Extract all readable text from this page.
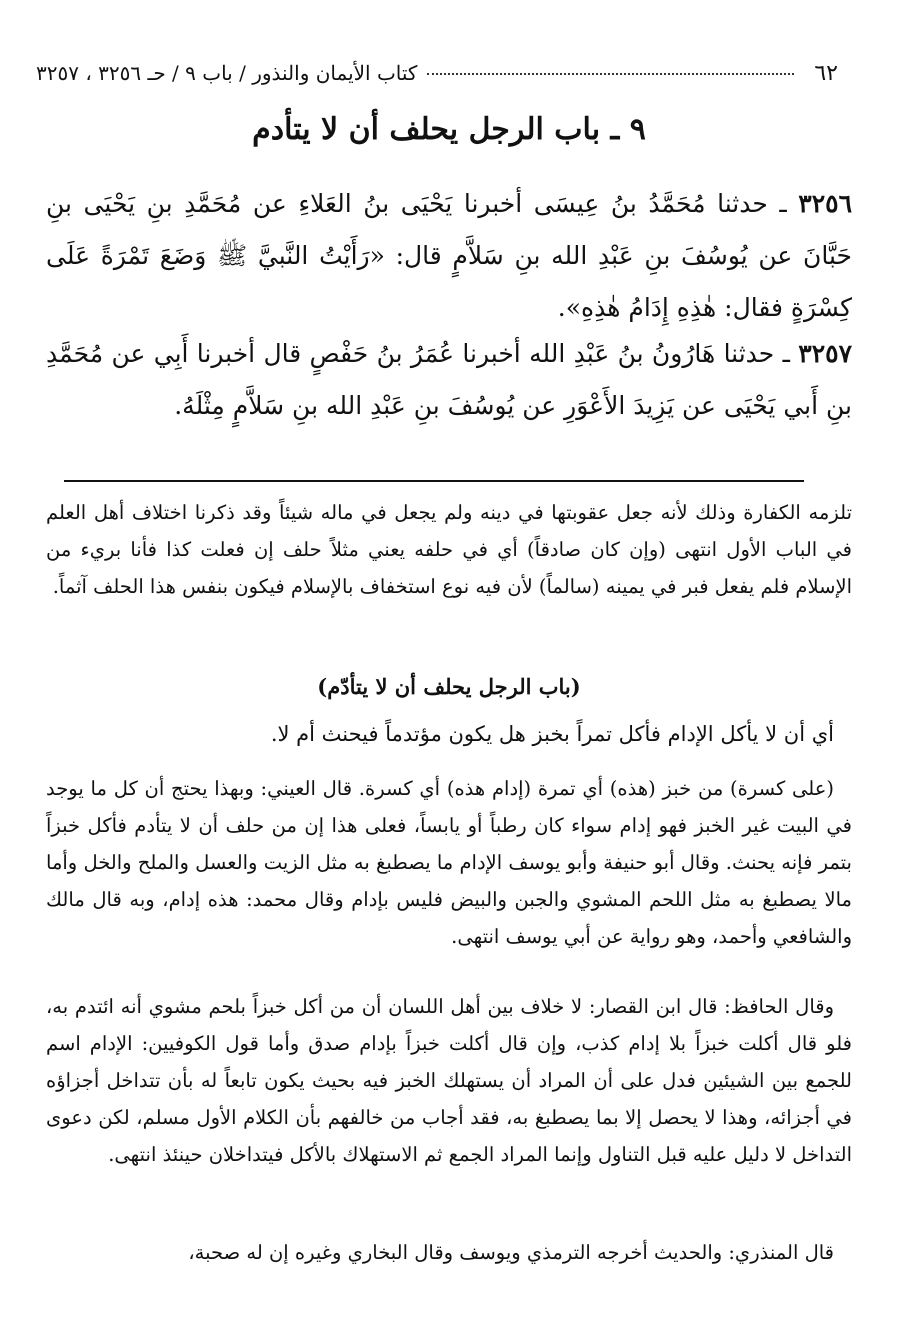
٦٢
كتاب الأيمان والنذور / باب ٩ / حـ ٣٢٥٦ ، ٣٢٥٧
٩ ـ باب الرجل يحلف أن لا يتأدم
٣٢٥٦ ـ حدثنا مُحَمَّدُ بنُ عِيسَى أخبرنا يَحْيَى بنُ العَلاءِ عن مُحَمَّدِ بنِ يَحْيَى بنِ حَبَّانَ عن يُوسُفَ بنِ عَبْدِ الله بنِ سَلاَّمٍ قال: «رَأَيْتُ النَّبيَّ ﷺ وَضَعَ تَمْرَةً عَلَى كِسْرَةٍ فقال: هٰذِهِ إِدَامُ هٰذِهِ».
٣٢٥٧ ـ حدثنا هَارُونُ بنُ عَبْدِ الله أخبرنا عُمَرُ بنُ حَفْصٍ قال أخبرنا أَبِي عن مُحَمَّدِ بنِ أَبي يَحْيَى عن يَزِيدَ الأَعْوَرِ عن يُوسُفَ بنِ عَبْدِ الله بنِ سَلاَّمٍ مِثْلَهُ.
تلزمه الكفارة وذلك لأنه جعل عقوبتها في دينه ولم يجعل في ماله شيئاً وقد ذكرنا اختلاف أهل العلم في الباب الأول انتهى (وإن كان صادقاً) أي في حلفه يعني مثلاً حلف إن فعلت كذا فأنا بريء من الإسلام فلم يفعل فبر في يمينه (سالماً) لأن فيه نوع استخفاف بالإسلام فيكون بنفس هذا الحلف آثماً.
(باب الرجل يحلف أن لا يتأدّم)
أي أن لا يأكل الإدام فأكل تمراً بخبز هل يكون مؤتدماً فيحنث أم لا.
(على كسرة) من خبز (هذه) أي تمرة (إدام هذه) أي كسرة. قال العيني: وبهذا يحتج أن كل ما يوجد في البيت غير الخبز فهو إدام سواء كان رطباً أو يابساً، فعلى هذا إن من حلف أن لا يتأدم فأكل خبزاً بتمر فإنه يحنث. وقال أبو حنيفة وأبو يوسف الإدام ما يصطبغ به مثل الزيت والعسل والملح والخل وأما مالا يصطبغ به مثل اللحم المشوي والجبن والبيض فليس بإدام وقال محمد: هذه إدام، وبه قال مالك والشافعي وأحمد، وهو رواية عن أبي يوسف انتهى.
وقال الحافظ: قال ابن القصار: لا خلاف بين أهل اللسان أن من أكل خبزاً بلحم مشوي أنه ائتدم به، فلو قال أكلت خبزاً بلا إدام كذب، وإن قال أكلت خبزاً بإدام صدق وأما قول الكوفيين: الإدام اسم للجمع بين الشيئين فدل على أن المراد أن يستهلك الخبز فيه بحيث يكون تابعاً له بأن تتداخل أجزاؤه في أجزائه، وهذا لا يحصل إلا بما يصطبغ به، فقد أجاب من خالفهم بأن الكلام الأول مسلم، لكن دعوى التداخل لا دليل عليه قبل التناول وإنما المراد الجمع ثم الاستهلاك بالأكل فيتداخلان حينئذ انتهى.
قال المنذري: والحديث أخرجه الترمذي ويوسف وقال البخاري وغيره إن له صحبة،
